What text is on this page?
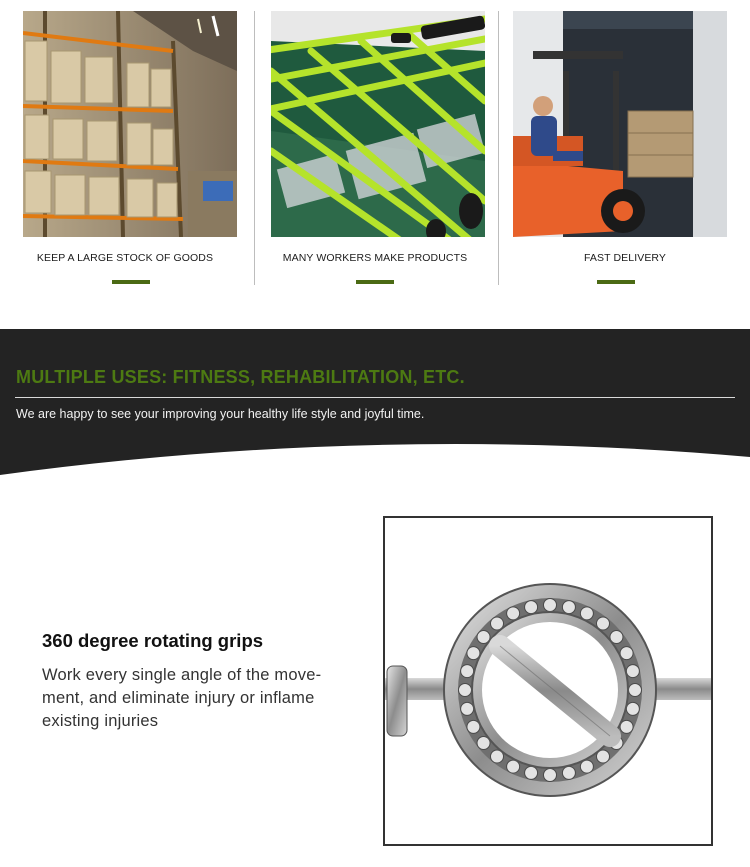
KEEP A LARGE STOCK OF GOODS	MANY WORKERS MAKE PRODUCTS	FAST DELIVERY
MULTIPLE USES: FITNESS, REHABILITATION, ETC.
We are happy to see your improving your healthy life style and joyful time.
360 degree rotating grips
Work every single angle of the move-
ment, and eliminate injury or inflame
existing injuries
